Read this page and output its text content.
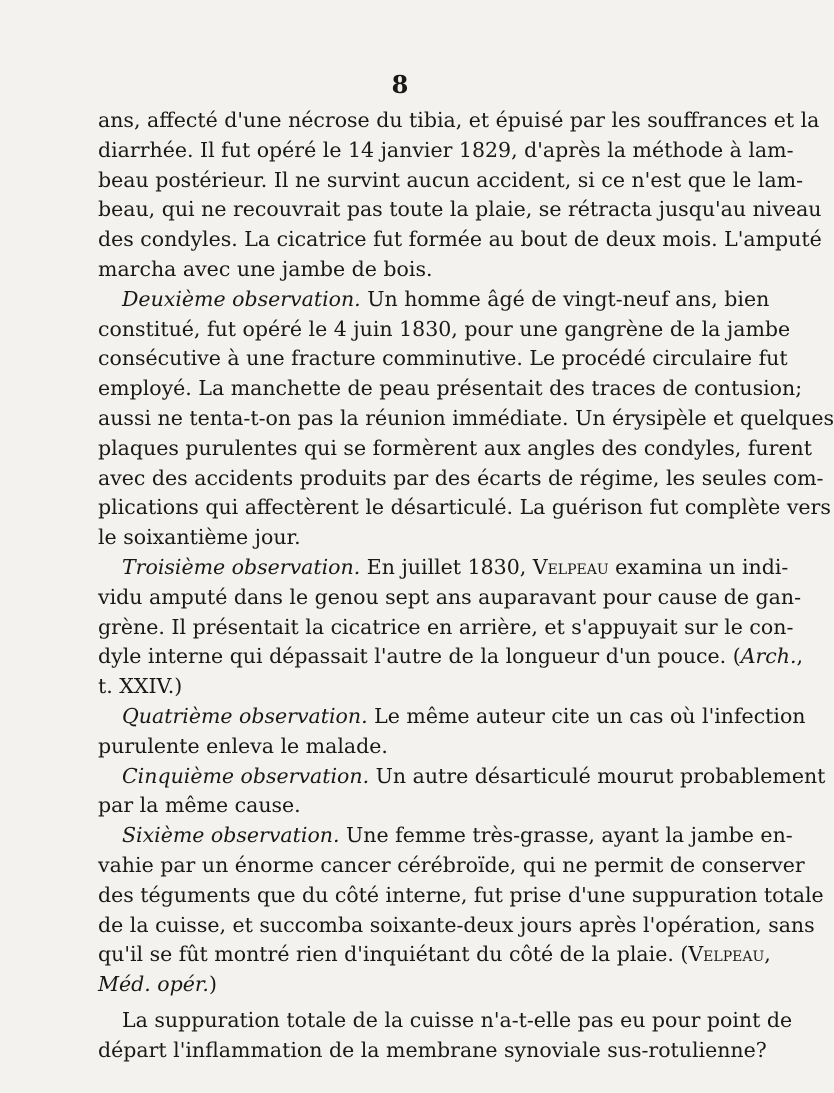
8
ans, affecté d'une nécrose du tibia, et épuisé par les souffrances et la
diarrhée. Il fut opéré le 14 janvier 1829, d'après la méthode à lam-
beau postérieur. Il ne survint aucun accident, si ce n'est que le lam-
beau, qui ne recouvrait pas toute la plaie, se rétracta jusqu'au niveau
des condyles. La cicatrice fut formée au bout de deux mois. L'amputé
marcha avec une jambe de bois.
Deuxième observation. Un homme âgé de vingt-neuf ans, bien
constitué, fut opéré le 4 juin 1830, pour une gangrène de la jambe
consécutive à une fracture comminutive. Le procédé circulaire fut
employé. La manchette de peau présentait des traces de contusion;
aussi ne tenta-t-on pas la réunion immédiate. Un érysipèle et quelques
plaques purulentes qui se formèrent aux angles des condyles, furent
avec des accidents produits par des écarts de régime, les seules com-
plications qui affectèrent le désarticulé. La guérison fut complète vers
le soixantième jour.
Troisième observation. En juillet 1830, Velpeau examina un indi-
vidu amputé dans le genou sept ans auparavant pour cause de gan-
grène. Il présentait la cicatrice en arrière, et s'appuyait sur le con-
dyle interne qui dépassait l'autre de la longueur d'un pouce. (Arch.,
t. XXIV.)
Quatrième observation. Le même auteur cite un cas où l'infection
purulente enleva le malade.
Cinquième observation. Un autre désarticulé mourut probablement
par la même cause.
Sixième observation. Une femme très-grasse, ayant la jambe en-
vahie par un énorme cancer cérébroïde, qui ne permit de conserver
des téguments que du côté interne, fut prise d'une suppuration totale
de la cuisse, et succomba soixante-deux jours après l'opération, sans
qu'il se fût montré rien d'inquiétant du côté de la plaie. (Velpeau,
Méd. opér.)
La suppuration totale de la cuisse n'a-t-elle pas eu pour point de
départ l'inflammation de la membrane synoviale sus-rotulienne?
